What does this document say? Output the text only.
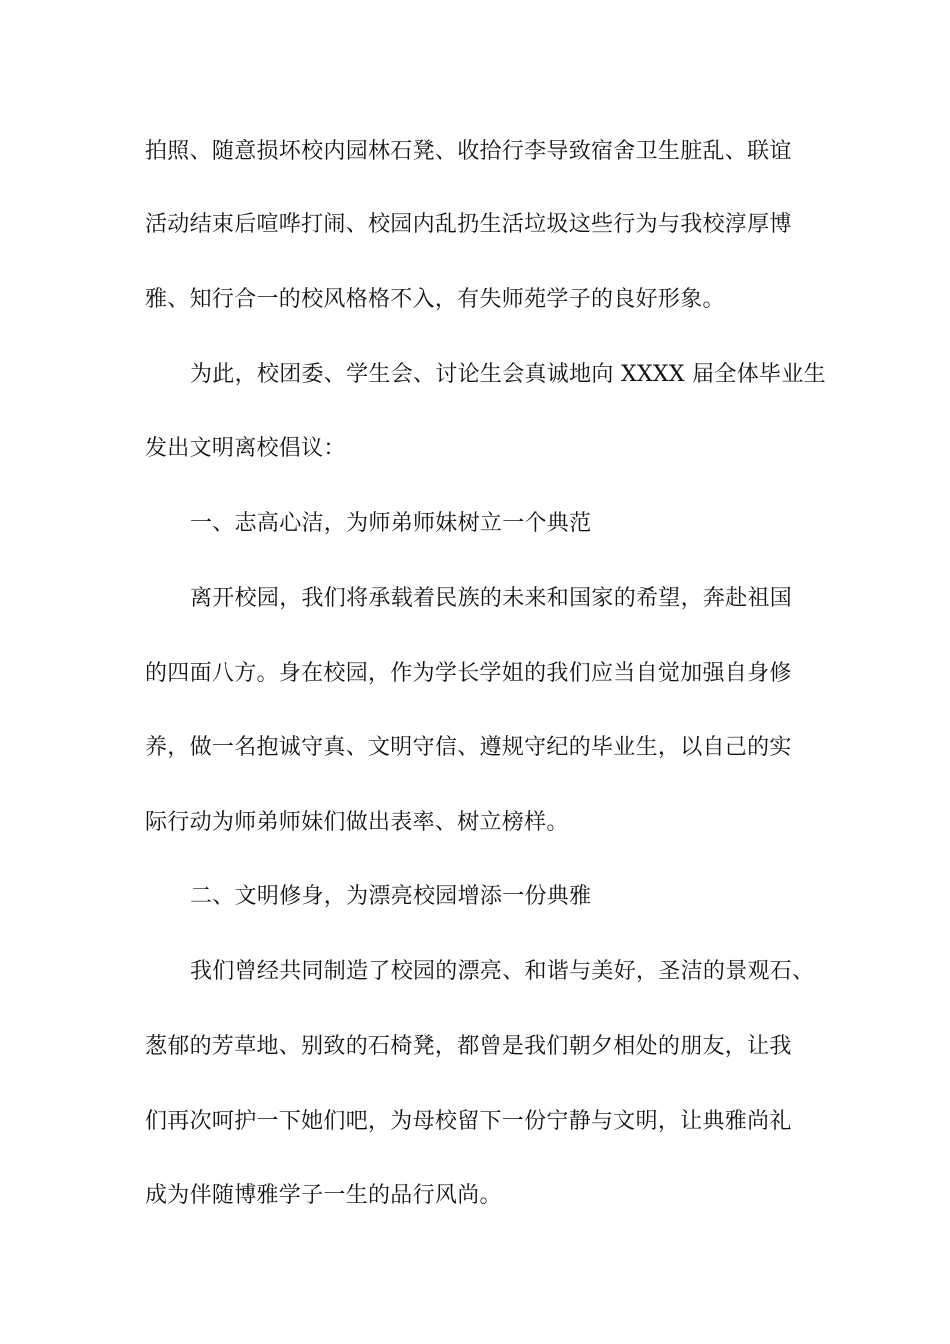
拍照、随意损坏校内园林石凳、收拾行李导致宿舍卫生脏乱、联谊

活动结束后喧哗打闹、校园内乱扔生活垃圾这些行为与我校淳厚博

雅、知行合一的校风格格不入，有失师苑学子的良好形象。

为此，校团委、学生会、讨论生会真诚地向 XXXX 届全体毕业生

发出文明离校倡议：

一、志高心洁，为师弟师妹树立一个典范

离开校园，我们将承载着民族的未来和国家的希望，奔赴祖国

的四面八方。身在校园，作为学长学姐的我们应当自觉加强自身修

养，做一名抱诚守真、文明守信、遵规守纪的毕业生，以自己的实

际行动为师弟师妹们做出表率、树立榜样。

二、文明修身，为漂亮校园增添一份典雅

我们曾经共同制造了校园的漂亮、和谐与美好，圣洁的景观石、

葱郁的芳草地、别致的石椅凳，都曾是我们朝夕相处的朋友，让我

们再次呵护一下她们吧，为母校留下一份宁静与文明，让典雅尚礼

成为伴随博雅学子一生的品行风尚。
